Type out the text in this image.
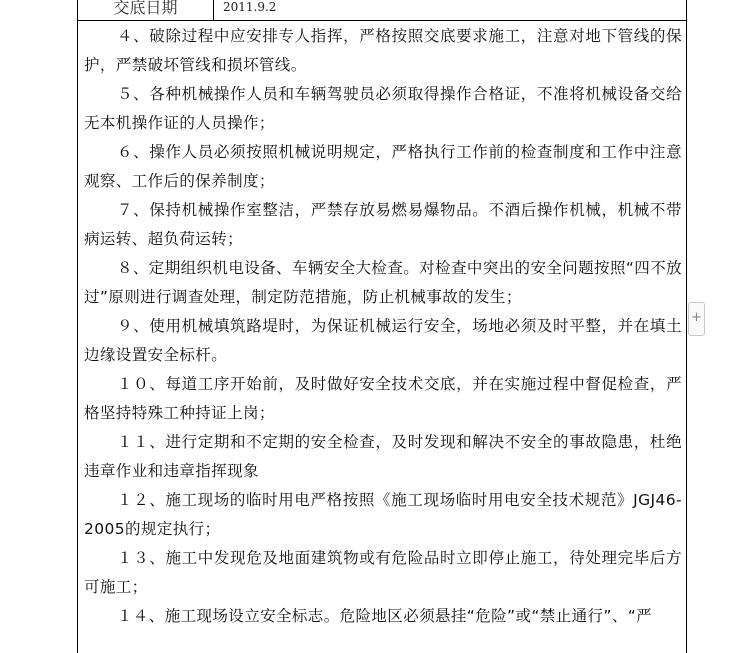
交底日期	2011.9.2

４、破除过程中应安排专人指挥，严格按照交底要求施工，注意对地下管线的保护，严禁破坏管线和损坏管线。

５、各种机械操作人员和车辆驾驶员必须取得操作合格证，不准将机械设备交给无本机操作证的人员操作；

６、操作人员必须按照机械说明规定，严格执行工作前的检查制度和工作中注意观察、工作后的保养制度；

７、保持机械操作室整洁，严禁存放易燃易爆物品。不酒后操作机械，机械不带病运转、超负荷运转；

８、定期组织机电设备、车辆安全大检查。对检查中突出的安全问题按照“四不放过”原则进行调查处理，制定防范措施，防止机械事故的发生；

９、使用机械填筑路堤时，为保证机械运行安全，场地必须及时平整，并在填土边缘设置安全标杆。

１０、每道工序开始前，及时做好安全技术交底，并在实施过程中督促检查，严格坚持特殊工种持证上岗；

１１、进行定期和不定期的安全检查，及时发现和解决不安全的事故隐患，杜绝违章作业和违章指挥现象

１２、施工现场的临时用电严格按照《施工现场临时用电安全技术规范》JGJ46-2005的规定执行；

１３、施工中发现危及地面建筑物或有危险品时立即停止施工，待处理完毕后方可施工；

１４、施工现场设立安全标志。危险地区必须悬挂“危险”或“禁止通行”、“严

+
